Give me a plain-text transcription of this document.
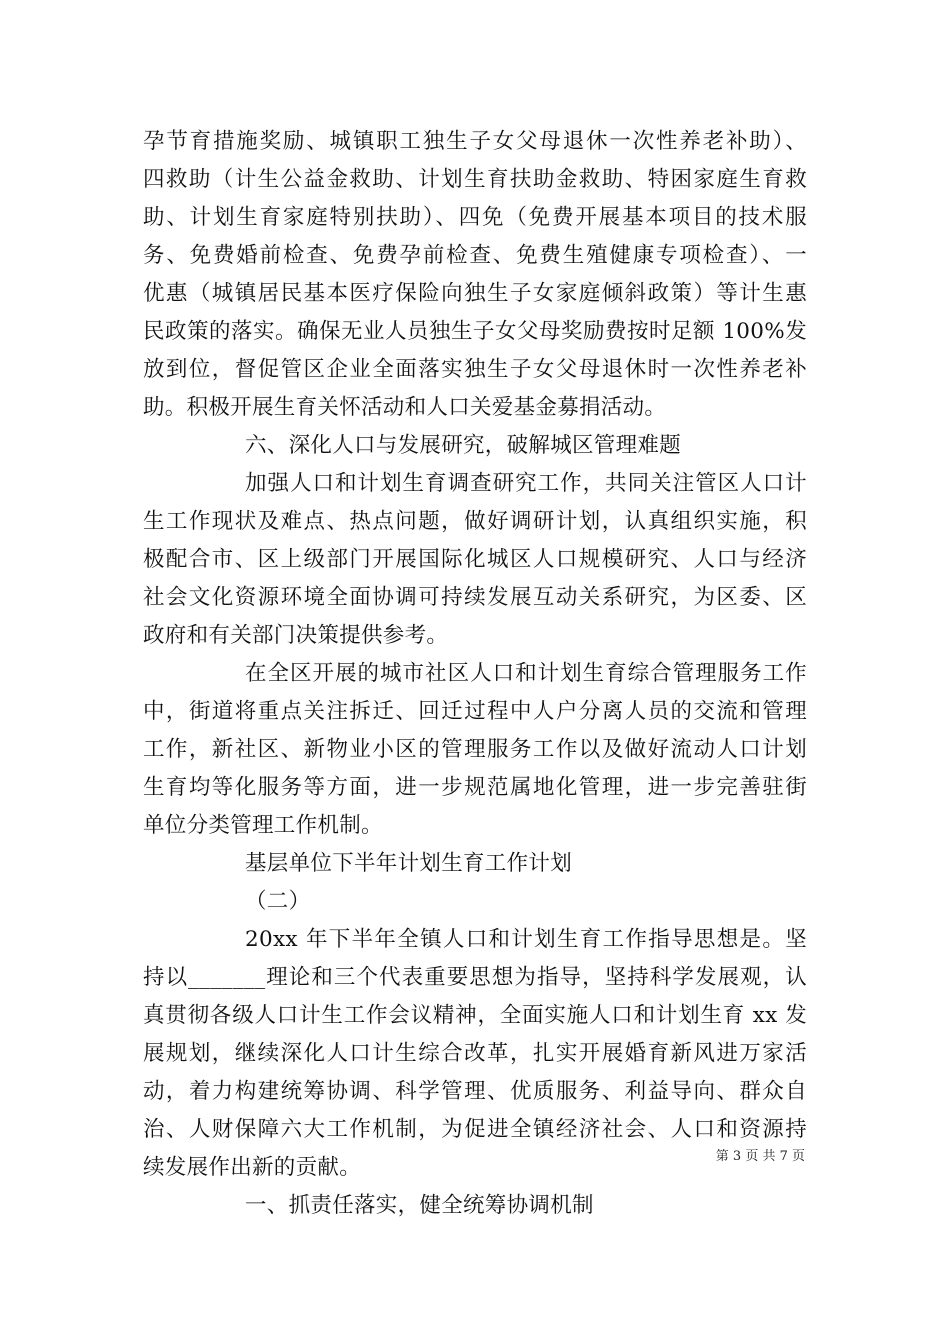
孕节育措施奖励、城镇职工独生子女父母退休一次性养老补助）、
四救助（计生公益金救助、计划生育扶助金救助、特困家庭生育救
助、计划生育家庭特别扶助）、四免（免费开展基本项目的技术服
务、免费婚前检查、免费孕前检查、免费生殖健康专项检查）、一
优惠（城镇居民基本医疗保险向独生子女家庭倾斜政策）等计生惠
民政策的落实。确保无业人员独生子女父母奖励费按时足额 100%发
放到位，督促管区企业全面落实独生子女父母退休时一次性养老补
助。积极开展生育关怀活动和人口关爱基金募捐活动。
六、深化人口与发展研究，破解城区管理难题
加强人口和计划生育调查研究工作，共同关注管区人口计
生工作现状及难点、热点问题，做好调研计划，认真组织实施，积
极配合市、区上级部门开展国际化城区人口规模研究、人口与经济
社会文化资源环境全面协调可持续发展互动关系研究，为区委、区
政府和有关部门决策提供参考。
在全区开展的城市社区人口和计划生育综合管理服务工作
中，街道将重点关注拆迁、回迁过程中人户分离人员的交流和管理
工作，新社区、新物业小区的管理服务工作以及做好流动人口计划
生育均等化服务等方面，进一步规范属地化管理，进一步完善驻街
单位分类管理工作机制。
基层单位下半年计划生育工作计划
（二）
20xx 年下半年全镇人口和计划生育工作指导思想是。坚
持以_______理论和三个代表重要思想为指导，坚持科学发展观，认
真贯彻各级人口计生工作会议精神，全面实施人口和计划生育 xx 发
展规划，继续深化人口计生综合改革，扎实开展婚育新风进万家活
动，着力构建统筹协调、科学管理、优质服务、利益导向、群众自
治、人财保障六大工作机制，为促进全镇经济社会、人口和资源持
续发展作出新的贡献。
一、抓责任落实，健全统筹协调机制
第 3 页 共 7 页
